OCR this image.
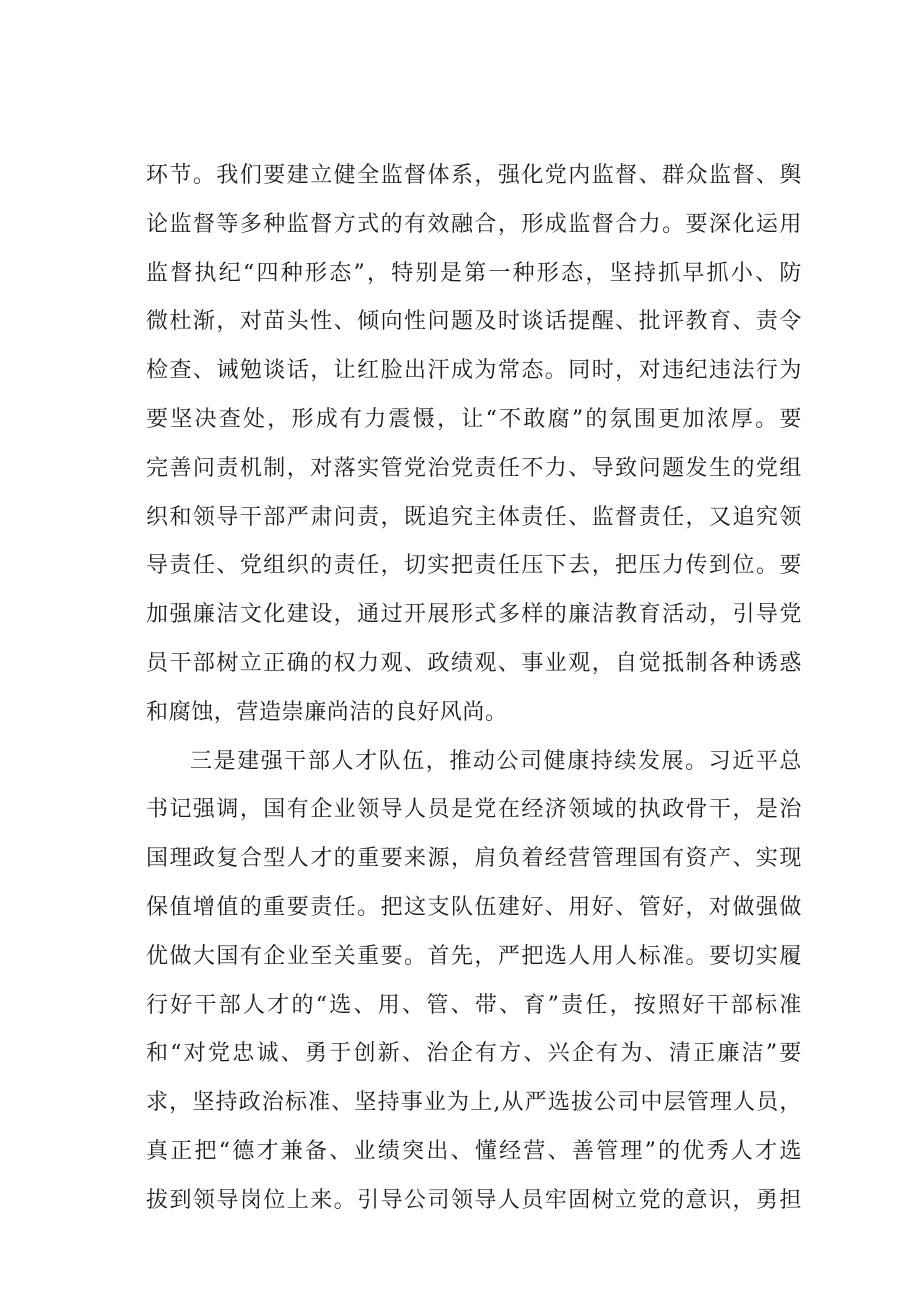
环节。我们要建立健全监督体系，强化党内监督、群众监督、舆
论监督等多种监督方式的有效融合，形成监督合力。要深化运用
监督执纪“四种形态”，特别是第一种形态，坚持抓早抓小、防
微杜渐，对苗头性、倾向性问题及时谈话提醒、批评教育、责令
检查、诫勉谈话，让红脸出汗成为常态。同时，对违纪违法行为
要坚决查处，形成有力震慑，让“不敢腐”的氛围更加浓厚。要
完善问责机制，对落实管党治党责任不力、导致问题发生的党组
织和领导干部严肃问责，既追究主体责任、监督责任，又追究领
导责任、党组织的责任，切实把责任压下去，把压力传到位。要
加强廉洁文化建设，通过开展形式多样的廉洁教育活动，引导党
员干部树立正确的权力观、政绩观、事业观，自觉抵制各种诱惑
和腐蚀，营造崇廉尚洁的良好风尚。
三是建强干部人才队伍，推动公司健康持续发展。习近平总
书记强调，国有企业领导人员是党在经济领域的执政骨干，是治
国理政复合型人才的重要来源，肩负着经营管理国有资产、实现
保值增值的重要责任。把这支队伍建好、用好、管好，对做强做
优做大国有企业至关重要。首先，严把选人用人标准。要切实履
行好干部人才的“选、用、管、带、育”责任，按照好干部标准
和“对党忠诚、勇于创新、治企有方、兴企有为、清正廉洁”要
求，坚持政治标准、坚持事业为上,从严选拔公司中层管理人员，
真正把“德才兼备、业绩突出、懂经营、善管理”的优秀人才选
拔到领导岗位上来。引导公司领导人员牢固树立党的意识，勇担
